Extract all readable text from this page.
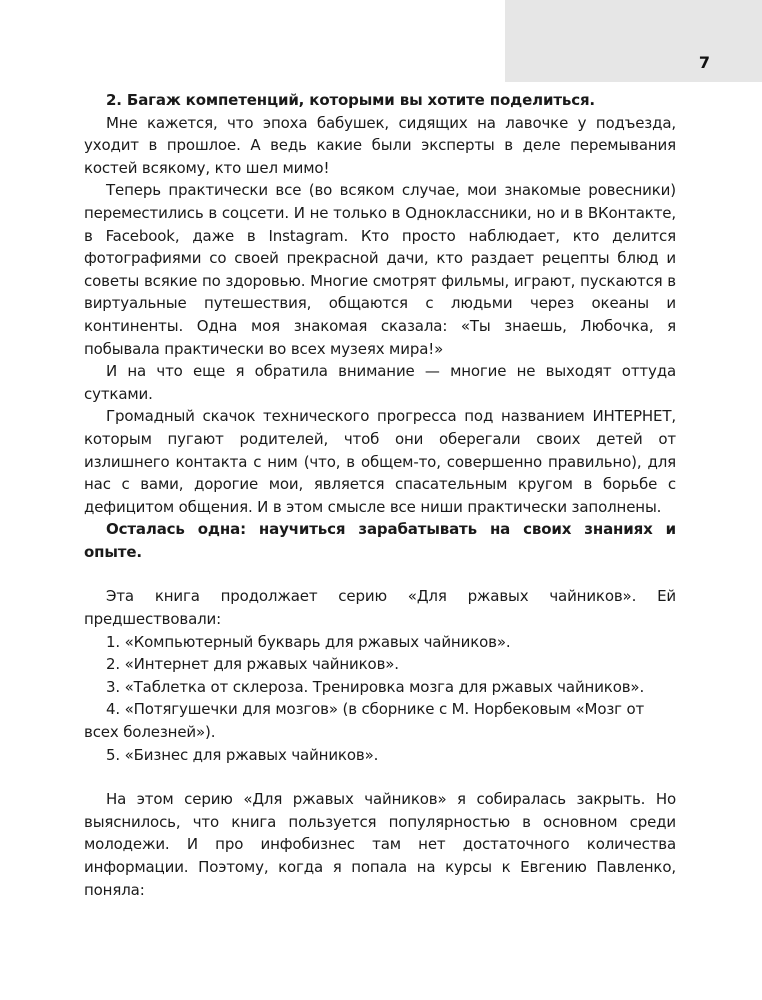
7

2. Багаж компетенций, которыми вы хотите поделиться.

Мне кажется, что эпоха бабушек, сидящих на лавочке у подъезда, уходит в прошлое. А ведь какие были эксперты в деле перемывания костей всякому, кто шел мимо!

Теперь практически все (во всяком случае, мои знакомые ровесники) переместились в соцсети. И не только в Одноклассники, но и в ВКонтакте, в Facebook, даже в Instagram. Кто просто наблюдает, кто делится фотографиями со своей прекрасной дачи, кто раздает рецепты блюд и советы всякие по здоровью. Многие смотрят фильмы, играют, пускаются в виртуальные путешествия, общаются с людьми через океаны и континенты. Одна моя знакомая сказала: «Ты знаешь, Любочка, я побывала практически во всех музеях мира!»

И на что еще я обратила внимание — многие не выходят оттуда сутками.

Громадный скачок технического прогресса под названием ИНТЕРНЕТ, которым пугают родителей, чтоб они оберегали своих детей от излишнего контакта с ним (что, в общем-то, совершенно правильно), для нас с вами, дорогие мои, является спасательным кругом в борьбе с дефицитом общения. И в этом смысле все ниши практически заполнены.

Осталась одна: научиться зарабатывать на своих знаниях и опыте.

Эта книга продолжает серию «Для ржавых чайников». Ей предшествовали:

1. «Компьютерный букварь для ржавых чайников».

2. «Интернет для ржавых чайников».

3. «Таблетка от склероза. Тренировка мозга для ржавых чайников».

4. «Потягушечки для мозгов» (в сборнике с М. Норбековым «Мозг от всех болезней»).

5. «Бизнес для ржавых чайников».

На этом серию «Для ржавых чайников» я собиралась закрыть. Но выяснилось, что книга пользуется популярностью в основном среди молодежи. И про инфобизнес там нет достаточного количества информации. Поэтому, когда я попала на курсы к Евгению Павленко, поняла:
